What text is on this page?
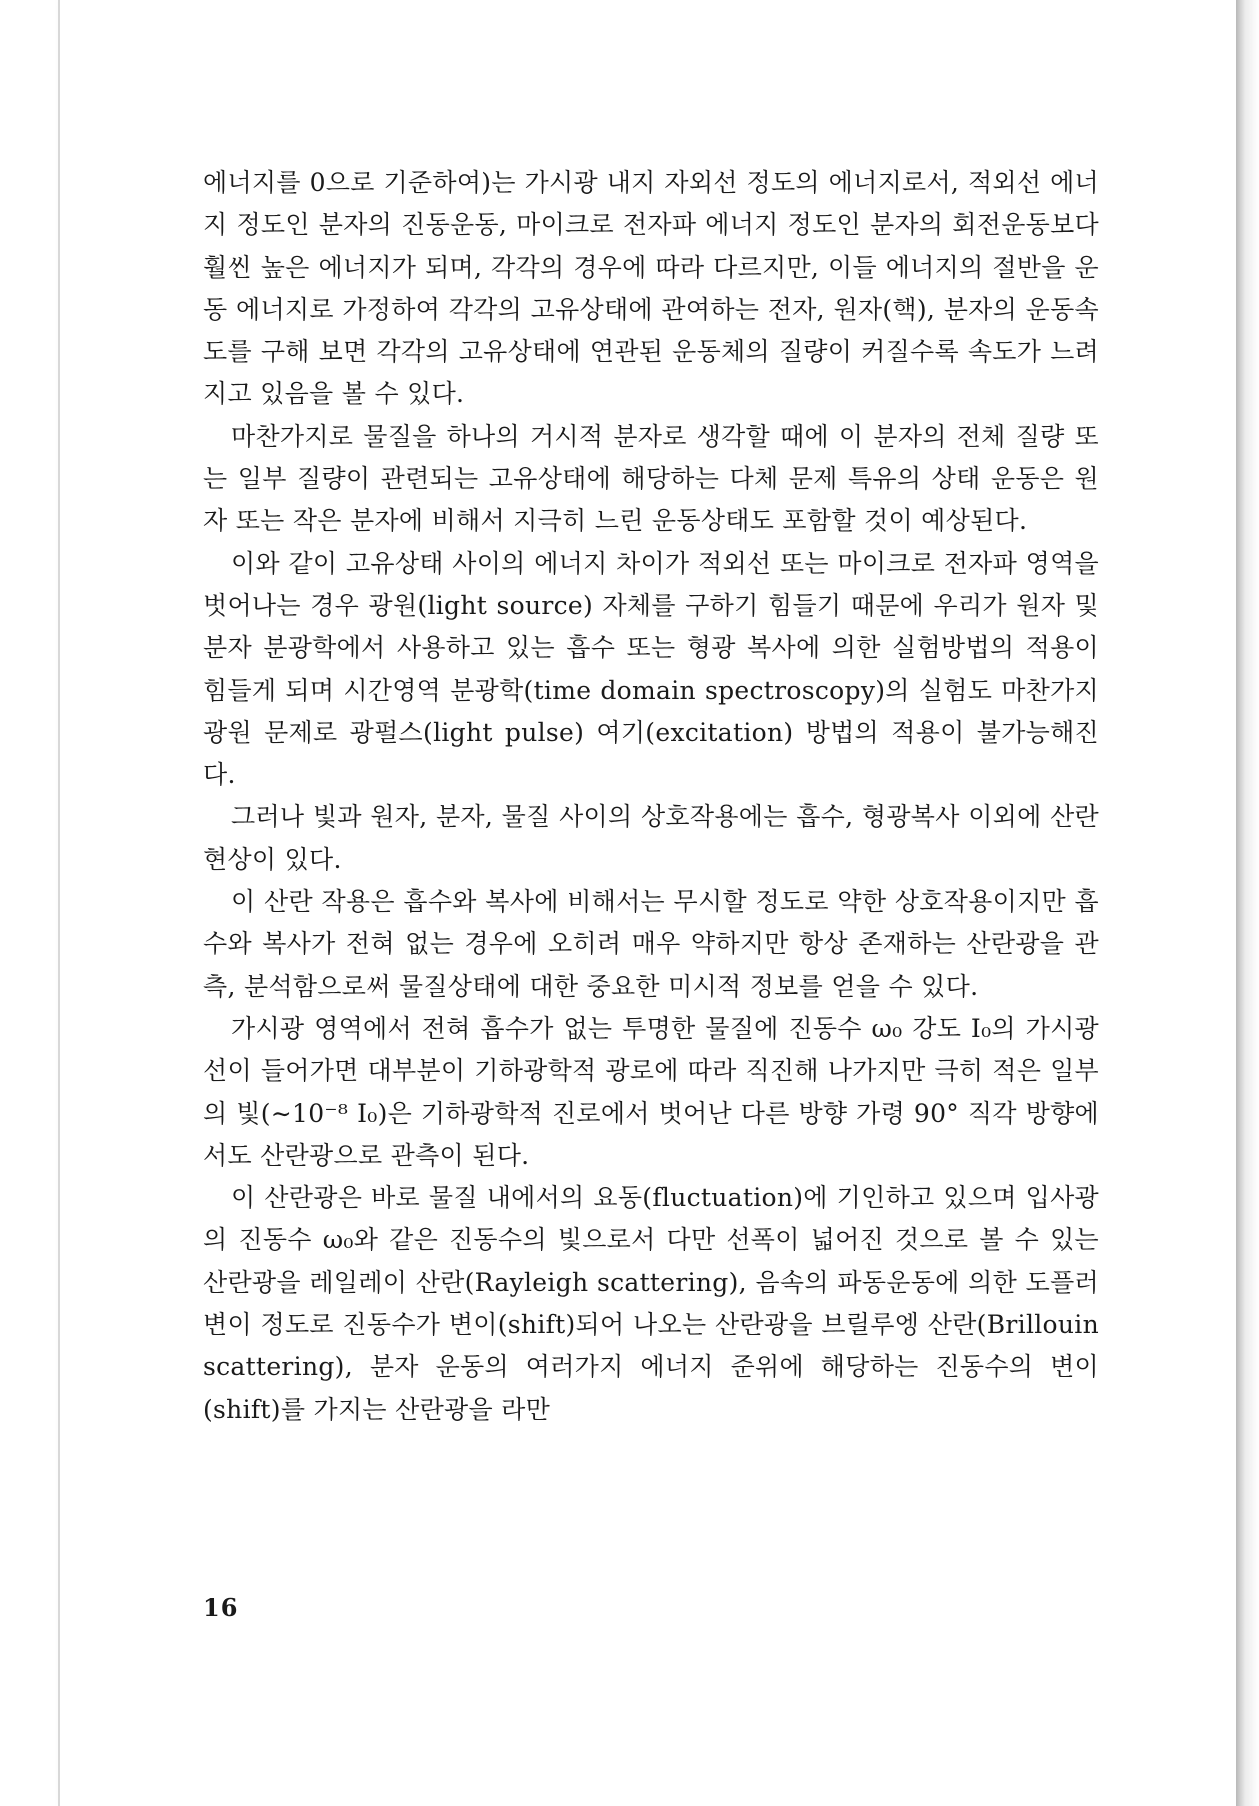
에너지를 0으로 기준하여)는 가시광 내지 자외선 정도의 에너지로서, 적외선 에너지 정도인 분자의 진동운동, 마이크로 전자파 에너지 정도인 분자의 회전운동보다 훨씬 높은 에너지가 되며, 각각의 경우에 따라 다르지만, 이들 에너지의 절반을 운동 에너지로 가정하여 각각의 고유상태에 관여하는 전자, 원자(핵), 분자의 운동속도를 구해 보면 각각의 고유상태에 연관된 운동체의 질량이 커질수록 속도가 느려지고 있음을 볼 수 있다.

마찬가지로 물질을 하나의 거시적 분자로 생각할 때에 이 분자의 전체 질량 또는 일부 질량이 관련되는 고유상태에 해당하는 다체 문제 특유의 상태 운동은 원자 또는 작은 분자에 비해서 지극히 느린 운동상태도 포함할 것이 예상된다.

이와 같이 고유상태 사이의 에너지 차이가 적외선 또는 마이크로 전자파 영역을 벗어나는 경우 광원(light source) 자체를 구하기 힘들기 때문에 우리가 원자 및 분자 분광학에서 사용하고 있는 흡수 또는 형광 복사에 의한 실험방법의 적용이 힘들게 되며 시간영역 분광학(time domain spectroscopy)의 실험도 마찬가지 광원 문제로 광펄스(light pulse) 여기(excitation) 방법의 적용이 불가능해진다.

그러나 빛과 원자, 분자, 물질 사이의 상호작용에는 흡수, 형광복사 이외에 산란 현상이 있다.

이 산란 작용은 흡수와 복사에 비해서는 무시할 정도로 약한 상호작용이지만 흡수와 복사가 전혀 없는 경우에 오히려 매우 약하지만 항상 존재하는 산란광을 관측, 분석함으로써 물질상태에 대한 중요한 미시적 정보를 얻을 수 있다.

가시광 영역에서 전혀 흡수가 없는 투명한 물질에 진동수 ω₀ 강도 I₀의 가시광선이 들어가면 대부분이 기하광학적 광로에 따라 직진해 나가지만 극히 적은 일부의 빛(∼10⁻⁸ I₀)은 기하광학적 진로에서 벗어난 다른 방향 가령 90° 직각 방향에서도 산란광으로 관측이 된다.

이 산란광은 바로 물질 내에서의 요동(fluctuation)에 기인하고 있으며 입사광의 진동수 ω₀와 같은 진동수의 빛으로서 다만 선폭이 넓어진 것으로 볼 수 있는 산란광을 레일레이 산란(Rayleigh scattering), 음속의 파동운동에 의한 도플러 변이 정도로 진동수가 변이(shift)되어 나오는 산란광을 브릴루엥 산란(Brillouin scattering), 분자 운동의 여러가지 에너지 준위에 해당하는 진동수의 변이(shift)를 가지는 산란광을 라만

16
